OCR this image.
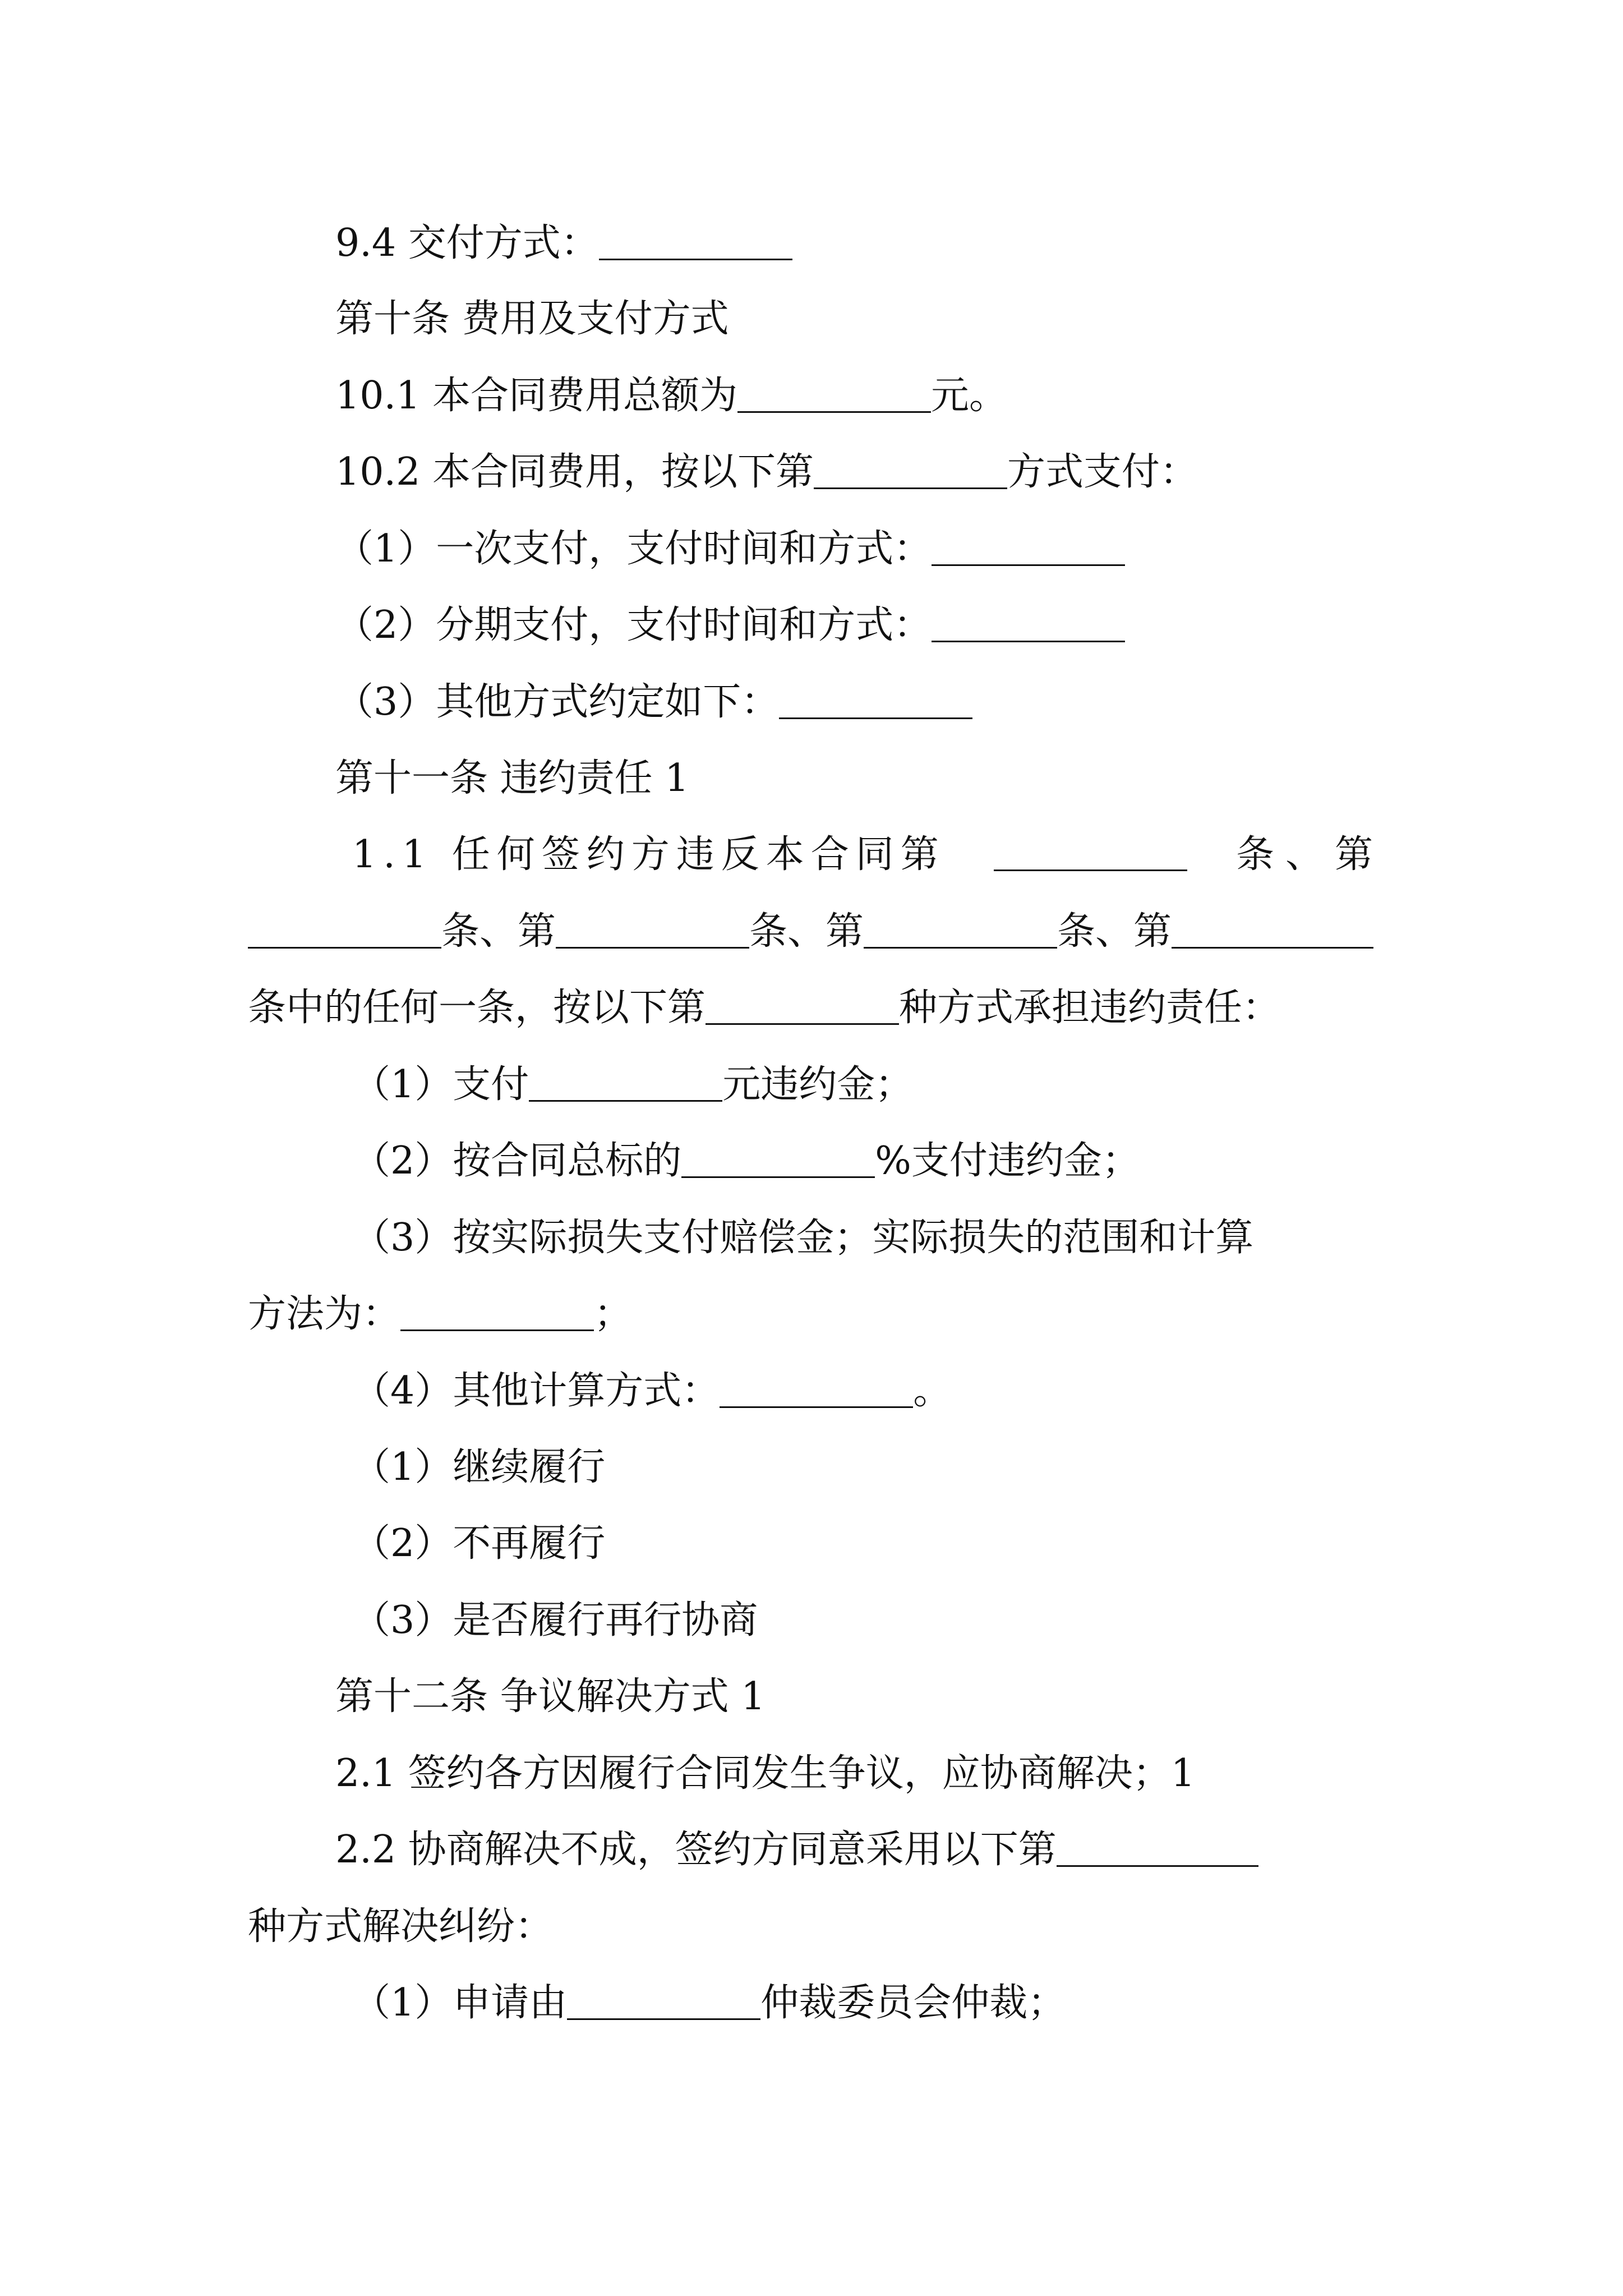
9.4 交付方式：
第十条 费用及支付方式
10.1 本合同费用总额为	元。
10.2 本合同费用，按以下第	方式支付：
（1）一次支付，支付时间和方式：
（2）分期支付，支付时间和方式：
（3）其他方式约定如下：
第十一条 违约责任 1
1.1 任何签约方违反本合同第	条、第
条、第	条、第	条、第
条中的任何一条，按以下第	种方式承担违约责任：
（1）支付	元违约金；
（2）按合同总标的	%支付违约金；
（3）按实际损失支付赔偿金；实际损失的范围和计算
方法为：	；
（4）其他计算方式：	。
（1）继续履行
（2）不再履行
（3）是否履行再行协商
第十二条 争议解决方式 1
2.1 签约各方因履行合同发生争议，应协商解决；1
2.2 协商解决不成，签约方同意采用以下第
种方式解决纠纷：
（1）申请由	仲裁委员会仲裁；
